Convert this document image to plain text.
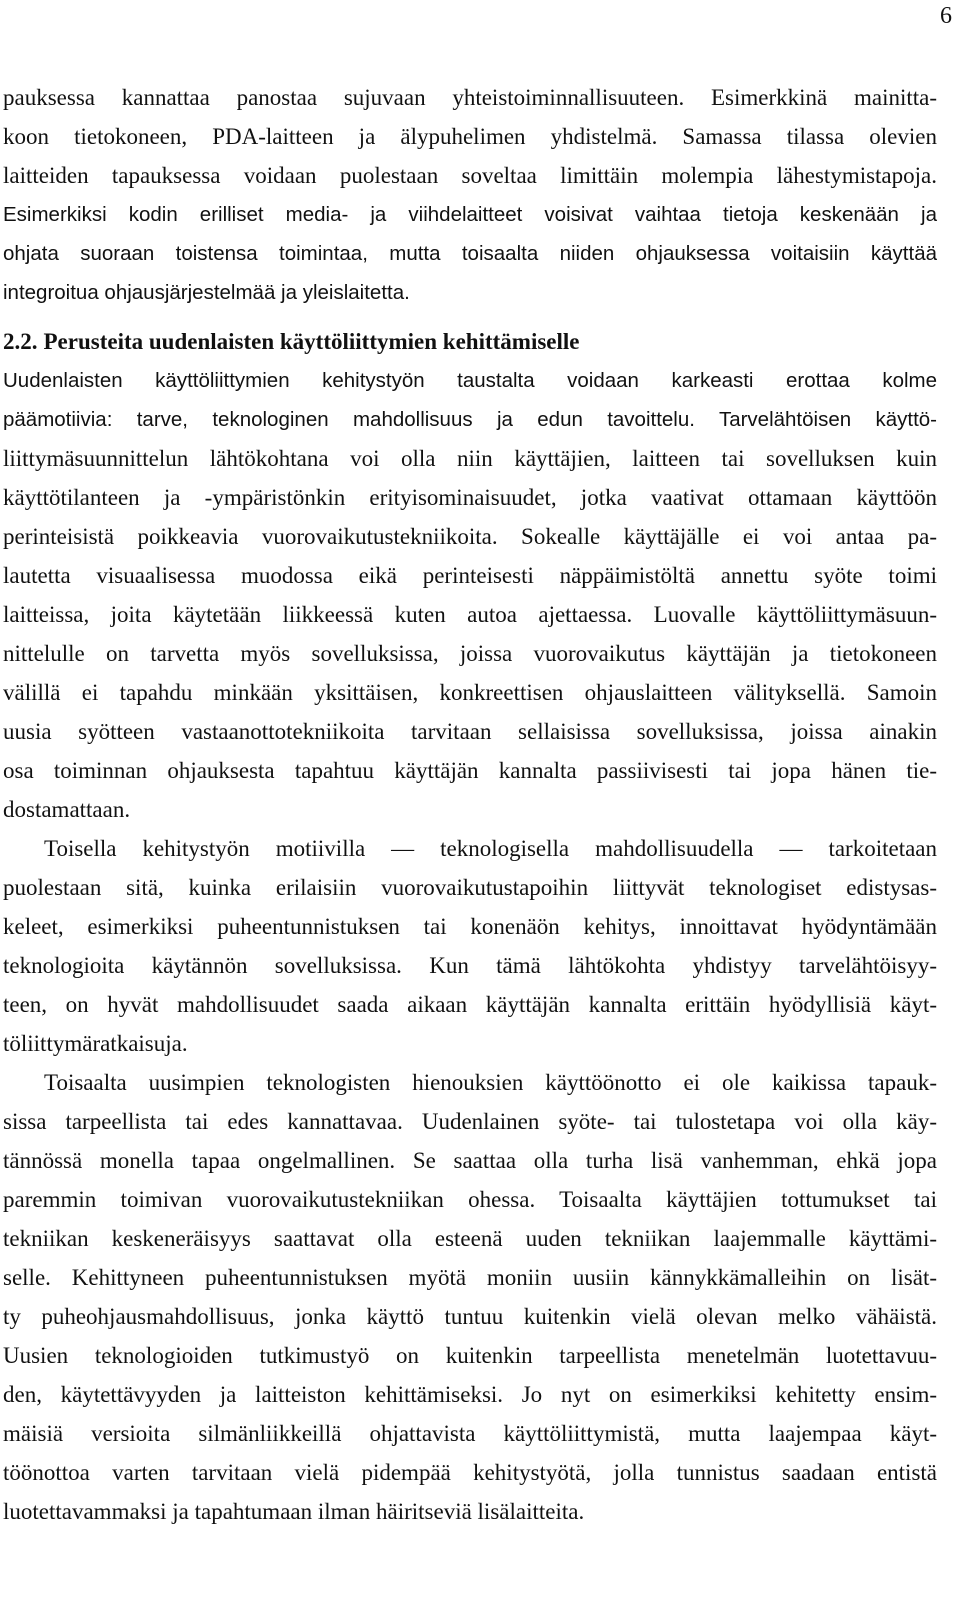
6
pauksessa kannattaa panostaa sujuvaan yhteistoiminnallisuuteen. Esimerkkinä mainitta-
koon tietokoneen, PDA-laitteen ja älypuhelimen yhdistelmä. Samassa tilassa olevien
laitteiden tapauksessa voidaan puolestaan soveltaa limittäin molempia lähestymistapoja.
Esimerkiksi kodin erilliset media- ja viihdelaitteet voisivat vaihtaa tietoja keskenään ja
ohjata suoraan toistensa toimintaa, mutta toisaalta niiden ohjauksessa voitaisiin käyttää
integroitua ohjausjärjestelmää ja yleislaitetta.
2.2. Perusteita uudenlaisten käyttöliittymien kehittämiselle
Uudenlaisten käyttöliittymien kehitystyön taustalta voidaan karkeasti erottaa kolme
päämotiivia: tarve, teknologinen mahdollisuus ja edun tavoittelu. Tarvelähtöisen käyttö-
liittymäsuunnittelun lähtökohtana voi olla niin käyttäjien, laitteen tai sovelluksen kuin
käyttötilanteen ja -ympäristönkin erityisominaisuudet, jotka vaativat ottamaan käyttöön
perinteisistä poikkeavia vuorovaikutustekniikoita. Sokealle käyttäjälle ei voi antaa pa-
lautetta visuaalisessa muodossa eikä perinteisesti näppäimistöltä annettu syöte toimi
laitteissa, joita käytetään liikkeessä kuten autoa ajettaessa. Luovalle käyttöliittymäsuun-
nittelulle on tarvetta myös sovelluksissa, joissa vuorovaikutus käyttäjän ja tietokoneen
välillä ei tapahdu minkään yksittäisen, konkreettisen ohjauslaitteen välityksellä. Samoin
uusia syötteen vastaanottotekniikoita tarvitaan sellaisissa sovelluksissa, joissa ainakin
osa toiminnan ohjauksesta tapahtuu käyttäjän kannalta passiivisesti tai jopa hänen tie-
dostamattaan.
Toisella kehitystyön motiivilla — teknologisella mahdollisuudella — tarkoitetaan
puolestaan sitä, kuinka erilaisiin vuorovaikutustapoihin liittyvät teknologiset edistysas-
keleet, esimerkiksi puheentunnistuksen tai konenäön kehitys, innoittavat hyödyntämään
teknologioita käytännön sovelluksissa. Kun tämä lähtökohta yhdistyy tarvelähtöisyy-
teen, on hyvät mahdollisuudet saada aikaan käyttäjän kannalta erittäin hyödyllisiä käyt-
töliittymäratkaisuja.
Toisaalta uusimpien teknologisten hienouksien käyttöönotto ei ole kaikissa tapauk-
sissa tarpeellista tai edes kannattavaa. Uudenlainen syöte- tai tulostetapa voi olla käy-
tännössä monella tapaa ongelmallinen. Se saattaa olla turha lisä vanhemman, ehkä jopa
paremmin toimivan vuorovaikutustekniikan ohessa. Toisaalta käyttäjien tottumukset tai
tekniikan keskeneräisyys saattavat olla esteenä uuden tekniikan laajemmalle käyttämi-
selle. Kehittyneen puheentunnistuksen myötä moniin uusiin kännykkämalleihin on lisät-
ty puheohjausmahdollisuus, jonka käyttö tuntuu kuitenkin vielä olevan melko vähäistä.
Uusien teknologioiden tutkimustyö on kuitenkin tarpeellista menetelmän luotettavuu-
den, käytettävyyden ja laitteiston kehittämiseksi. Jo nyt on esimerkiksi kehitetty ensim-
mäisiä versioita silmänliikkeillä ohjattavista käyttöliittymistä, mutta laajempaa käyt-
töönottoa varten tarvitaan vielä pidempää kehitystyötä, jolla tunnistus saadaan entistä
luotettavammaksi ja tapahtumaan ilman häiritseviä lisälaitteita.
